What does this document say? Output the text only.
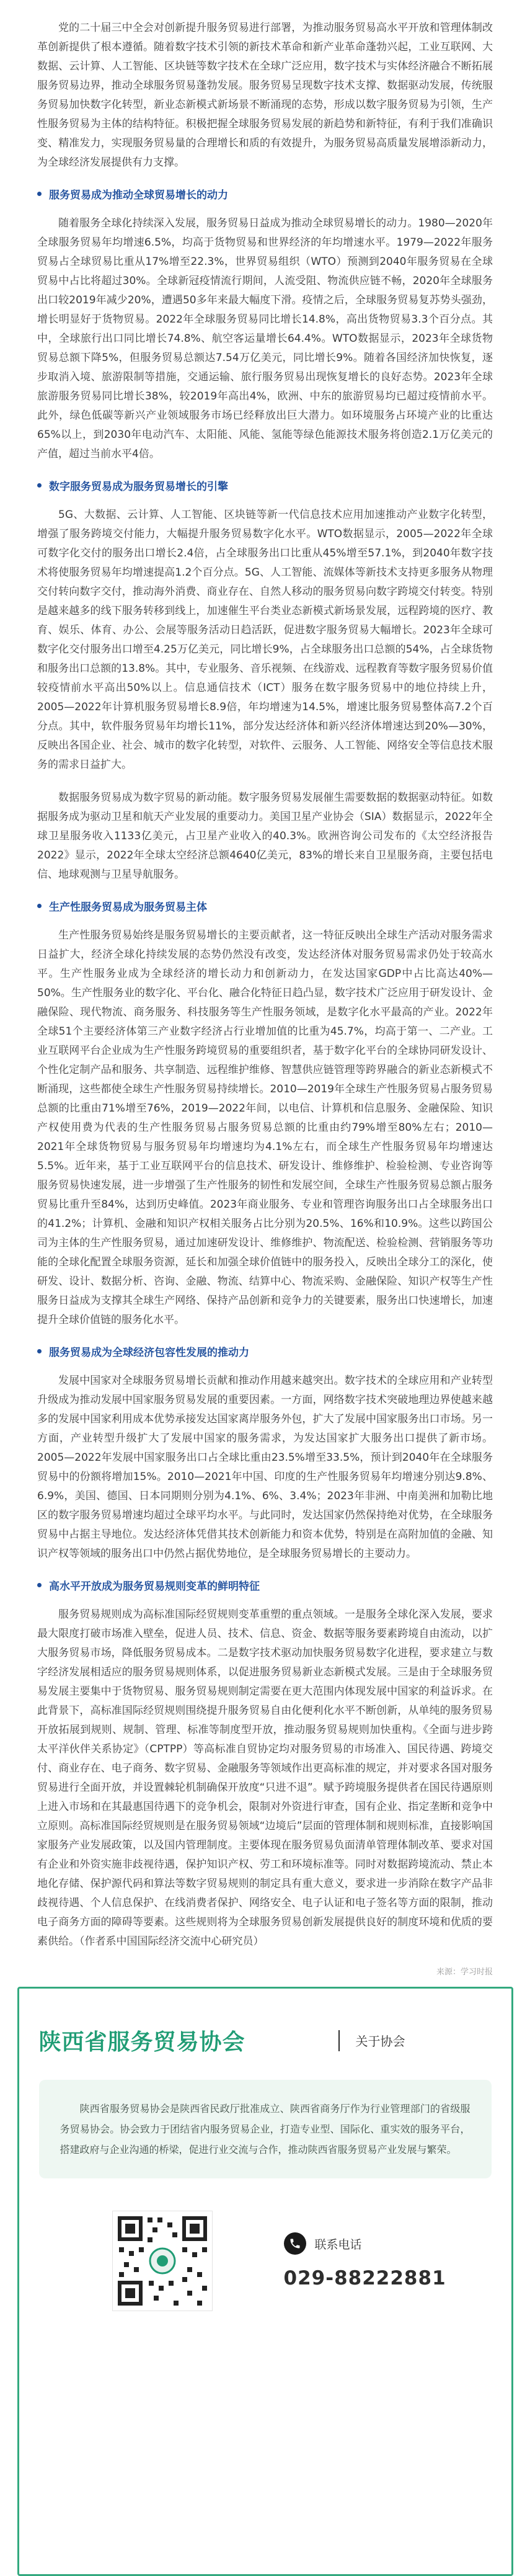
党的二十届三中全会对创新提升服务贸易进行部署，为推动服务贸易高水平开放和管理体制改革创新提供了根本遵循。随着数字技术引领的新技术革命和新产业革命蓬勃兴起，工业互联网、大数据、云计算、人工智能、区块链等数字技术在全球广泛应用，数字技术与实体经济融合不断拓展服务贸易边界，推动全球服务贸易蓬勃发展。服务贸易呈现数字技术支撑、数据驱动发展，传统服务贸易加快数字化转型，新业态新模式新场景不断涌现的态势，形成以数字服务贸易为引领，生产性服务贸易为主体的结构特征。积极把握全球服务贸易发展的新趋势和新特征，有利于我们准确识变、精准发力，实现服务贸易量的合理增长和质的有效提升，为服务贸易高质量发展增添新动力，为全球经济发展提供有力支撑。

服务贸易成为推动全球贸易增长的动力

随着服务全球化持续深入发展，服务贸易日益成为推动全球贸易增长的动力。1980—2020年全球服务贸易年均增速6.5%，均高于货物贸易和世界经济的年均增速水平。1979—2022年服务贸易占全球贸易比重从17%增至22.3%，世界贸易组织（WTO）预测到2040年服务贸易在全球贸易中占比将超过30%。全球新冠疫情流行期间，人流受阻、物流供应链不畅，2020年全球服务出口较2019年减少20%，遭遇50多年来最大幅度下滑。疫情之后，全球服务贸易复苏势头强劲，增长明显好于货物贸易。2022年全球服务贸易同比增长14.8%，高出货物贸易3.3个百分点。其中，全球旅行出口同比增长74.8%、航空客运量增长64.4%。WTO数据显示，2023年全球货物贸易总额下降5%，但服务贸易总额达7.54万亿美元，同比增长9%。随着各国经济加快恢复，逐步取消入境、旅游限制等措施，交通运输、旅行服务贸易出现恢复增长的良好态势。2023年全球旅游服务贸易同比增长38%，较2019年高出4%，欧洲、中东的旅游贸易均已超过疫情前水平。此外，绿色低碳等新兴产业领域服务市场已经释放出巨大潜力。如环境服务占环境产业的比重达65%以上，到2030年电动汽车、太阳能、风能、氢能等绿色能源技术服务将创造2.1万亿美元的产值，超过当前水平4倍。

数字服务贸易成为服务贸易增长的引擎

5G、大数据、云计算、人工智能、区块链等新一代信息技术应用加速推动产业数字化转型，增强了服务跨境交付能力，大幅提升服务贸易数字化水平。WTO数据显示，2005—2022年全球可数字化交付的服务出口增长2.4倍，占全球服务出口比重从45%增至57.1%，到2040年数字技术将使服务贸易年均增速提高1.2个百分点。5G、人工智能、流媒体等新技术支持更多服务从物理交付转向数字交付，推动海外消费、商业存在、自然人移动的服务贸易向数字跨境交付转变。特别是越来越多的线下服务转移到线上，加速催生平台类业态新模式新场景发展，远程跨境的医疗、教育、娱乐、体育、办公、会展等服务活动日趋活跃，促进数字服务贸易大幅增长。2023年全球可数字化交付服务出口增至4.25万亿美元，同比增长9%，占全球服务出口总额的54%，占全球货物和服务出口总额的13.8%。其中，专业服务、音乐视频、在线游戏、远程教育等数字服务贸易价值较疫情前水平高出50%以上。信息通信技术（ICT）服务在数字服务贸易中的地位持续上升，2005—2022年计算机服务贸易增长8.9倍，年均增速为14.5%，增速比服务贸易整体高7.2个百分点。其中，软件服务贸易年均增长11%，部分发达经济体和新兴经济体增速达到20%—30%，反映出各国企业、社会、城市的数字化转型，对软件、云服务、人工智能、网络安全等信息技术服务的需求日益扩大。

数据服务贸易成为数字贸易的新动能。数字服务贸易发展催生需要数据的数据驱动特征。如数据服务成为驱动卫星和航天产业发展的重要动力。美国卫星产业协会（SIA）数据显示，2022年全球卫星服务收入1133亿美元，占卫星产业收入的40.3%。欧洲咨询公司发布的《太空经济报告2022》显示，2022年全球太空经济总额4640亿美元，83%的增长来自卫星服务商，主要包括电信、地球观测与卫星导航服务。

生产性服务贸易成为服务贸易主体

生产性服务贸易始终是服务贸易增长的主要贡献者，这一特征反映出全球生产活动对服务需求日益扩大，经济全球化持续发展的态势仍然没有改变，发达经济体对服务贸易需求仍处于较高水平。生产性服务业成为全球经济的增长动力和创新动力，在发达国家GDP中占比高达40%—50%。生产性服务业的数字化、平台化、融合化特征日趋凸显，数字技术广泛应用于研发设计、金融保险、现代物流、商务服务、科技服务等生产性服务领域，是数字化水平最高的产业。2022年全球51个主要经济体第三产业数字经济占行业增加值的比重为45.7%，均高于第一、二产业。工业互联网平台企业成为生产性服务跨境贸易的重要组织者，基于数字化平台的全球协同研发设计、个性化定制产品和服务、共享制造、远程维护维修、智慧供应链管理等跨界融合的新业态新模式不断涌现，这些都使全球生产性服务贸易持续增长。2010—2019年全球生产性服务贸易占服务贸易总额的比重由71%增至76%，2019—2022年间，以电信、计算机和信息服务、金融保险、知识产权使用费为代表的生产性服务贸易占服务贸易总额的比重由约79%增至80%左右；2010—2021年全球货物贸易与服务贸易年均增速均为4.1%左右，而全球生产性服务贸易年均增速达5.5%。近年来，基于工业互联网平台的信息技术、研发设计、维修维护、检验检测、专业咨询等服务贸易快速发展，进一步增强了生产性服务的韧性和发展空间，全球生产性服务贸易总额占服务贸易比重升至84%，达到历史峰值。2023年商业服务、专业和管理咨询服务出口占全球服务出口的41.2%；计算机、金融和知识产权相关服务占比分别为20.5%、16%和10.9%。这些以跨国公司为主体的生产性服务贸易，通过加速研发设计、维修维护、物流配送、检验检测、营销服务等功能的全球化配置全球服务资源，延长和加强全球价值链中的服务投入，反映出全球分工的深化，使研发、设计、数据分析、咨询、金融、物流、结算中心、物流采购、金融保险、知识产权等生产性服务日益成为支撑其全球生产网络、保持产品创新和竞争力的关键要素，服务出口快速增长，加速提升全球价值链的服务化水平。

服务贸易成为全球经济包容性发展的推动力

发展中国家对全球服务贸易增长贡献和推动作用越来越突出。数字技术的全球应用和产业转型升级成为推动发展中国家服务贸易发展的重要因素。一方面，网络数字技术突破地理边界使越来越多的发展中国家利用成本优势承接发达国家离岸服务外包，扩大了发展中国家服务出口市场。另一方面，产业转型升级扩大了发展中国家的服务需求，为发达国家扩大服务出口提供了新市场。2005—2022年发展中国家服务出口占全球比重由23.5%增至33.5%，预计到2040年在全球服务贸易中的份额将增加15%。2010—2021年中国、印度的生产性服务贸易年均增速分别达9.8%、6.9%，美国、德国、日本同期则分别为4.1%、6%、3.4%；2023年非洲、中南美洲和加勒比地区的数字服务贸易增速均超过全球平均水平。与此同时，发达国家仍然保持绝对优势，在全球服务贸易中占据主导地位。发达经济体凭借其技术创新能力和资本优势，特别是在高附加值的金融、知识产权等领域的服务出口中仍然占据优势地位，是全球服务贸易增长的主要动力。

高水平开放成为服务贸易规则变革的鲜明特征

服务贸易规则成为高标准国际经贸规则变革重塑的重点领域。一是服务全球化深入发展，要求最大限度打破市场准入壁垒，促进人员、技术、信息、资金、数据等服务要素跨境自由流动，以扩大服务贸易市场，降低服务贸易成本。二是数字技术驱动加快服务贸易数字化进程，要求建立与数字经济发展相适应的服务贸易规则体系，以促进服务贸易新业态新模式发展。三是由于全球服务贸易发展主要集中于货物贸易、服务贸易规则制定需要在更大范围内体现发展中国家的利益诉求。在此背景下，高标准国际经贸规则围绕提升服务贸易自由化便利化水平不断创新，从单纯的服务贸易开放拓展到规则、规制、管理、标准等制度型开放，推动服务贸易规则加快重构。《全面与进步跨太平洋伙伴关系协定》（CPTPP）等高标准自贸协定均对服务贸易的市场准入、国民待遇、跨境交付、商业存在、电子商务、数字贸易、金融服务等领域作出更高标准的规定，并对要求各国对服务贸易进行全面开放，并设置棘轮机制确保开放度“只进不退”。赋予跨境服务提供者在国民待遇原则上进入市场和在其最惠国待遇下的竞争机会，限制对外资进行审查，国有企业、指定垄断和竞争中立原则。高标准国际经贸规则是在服务贸易领域“边境后”层面的管理体制和规则标准，直接影响国家服务产业发展政策，以及国内管理制度。主要体现在服务贸易负面清单管理体制改革、要求对国有企业和外资实施非歧视待遇，保护知识产权、劳工和环境标准等。同时对数据跨境流动、禁止本地化存储、保护源代码和算法等数字贸易规则的制定具有重大意义，要求进一步消除在数字产品非歧视待遇、个人信息保护、在线消费者保护、网络安全、电子认证和电子签名等方面的限制，推动电子商务方面的障碍等要素。这些规则将为全球服务贸易创新发展提供良好的制度环境和优质的要素供给。（作者系中国国际经济交流中心研究员）

来源：学习时报
陕西省服务贸易协会	关于协会

陕西省服务贸易协会是陕西省民政厅批准成立、陕西省商务厅作为行业管理部门的省级服务贸易协会。协会致力于团结省内服务贸易企业，打造专业型、国际化、重实效的服务平台，搭建政府与企业沟通的桥梁，促进行业交流与合作，推动陕西省服务贸易产业发展与繁荣。

联系电话
029-88222881
